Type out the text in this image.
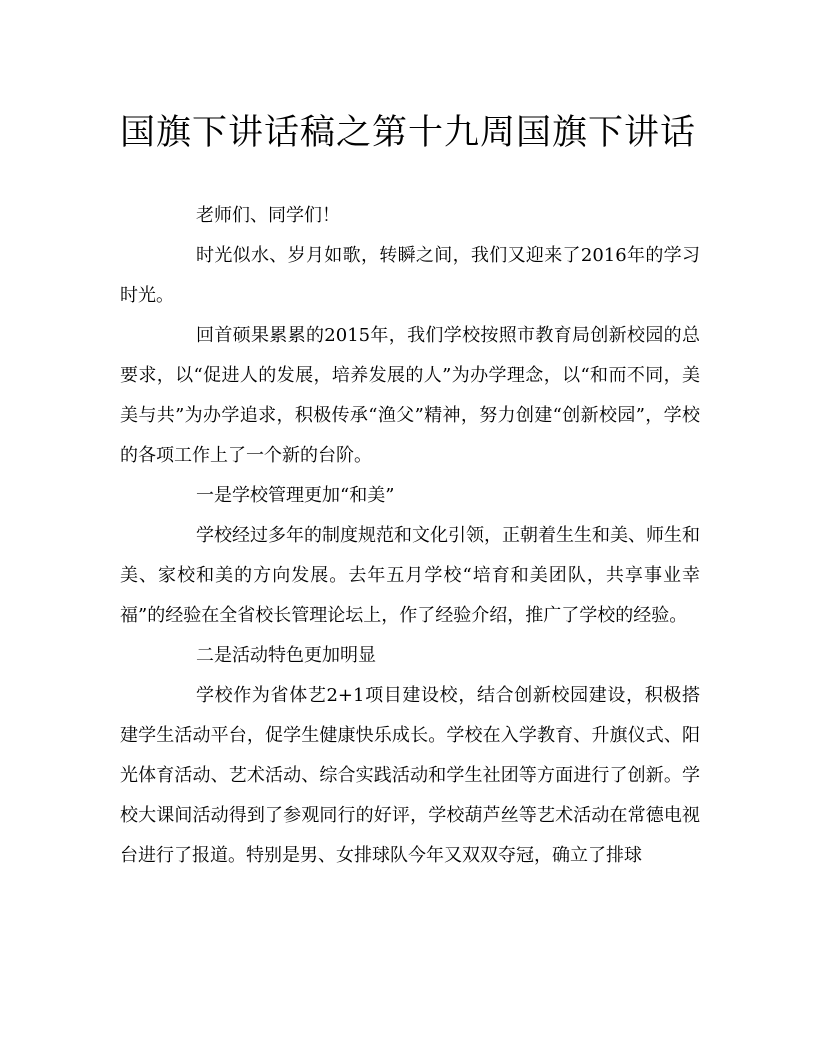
国旗下讲话稿之第十九周国旗下讲话

老师们、同学们！

时光似水、岁月如歌，转瞬之间，我们又迎来了2016年的学习时光。

回首硕果累累的2015年，我们学校按照市教育局创新校园的总要求，以“促进人的发展，培养发展的人”为办学理念，以“和而不同，美美与共”为办学追求，积极传承“渔父”精神，努力创建“创新校园”，学校的各项工作上了一个新的台阶。

一是学校管理更加“和美”

学校经过多年的制度规范和文化引领，正朝着生生和美、师生和美、家校和美的方向发展。去年五月学校“培育和美团队，共享事业幸福”的经验在全省校长管理论坛上，作了经验介绍，推广了学校的经验。

二是活动特色更加明显

学校作为省体艺2+1项目建设校，结合创新校园建设，积极搭建学生活动平台，促学生健康快乐成长。学校在入学教育、升旗仪式、阳光体育活动、艺术活动、综合实践活动和学生社团等方面进行了创新。学校大课间活动得到了参观同行的好评，学校葫芦丝等艺术活动在常德电视台进行了报道。特别是男、女排球队今年又双双夺冠，确立了排球
